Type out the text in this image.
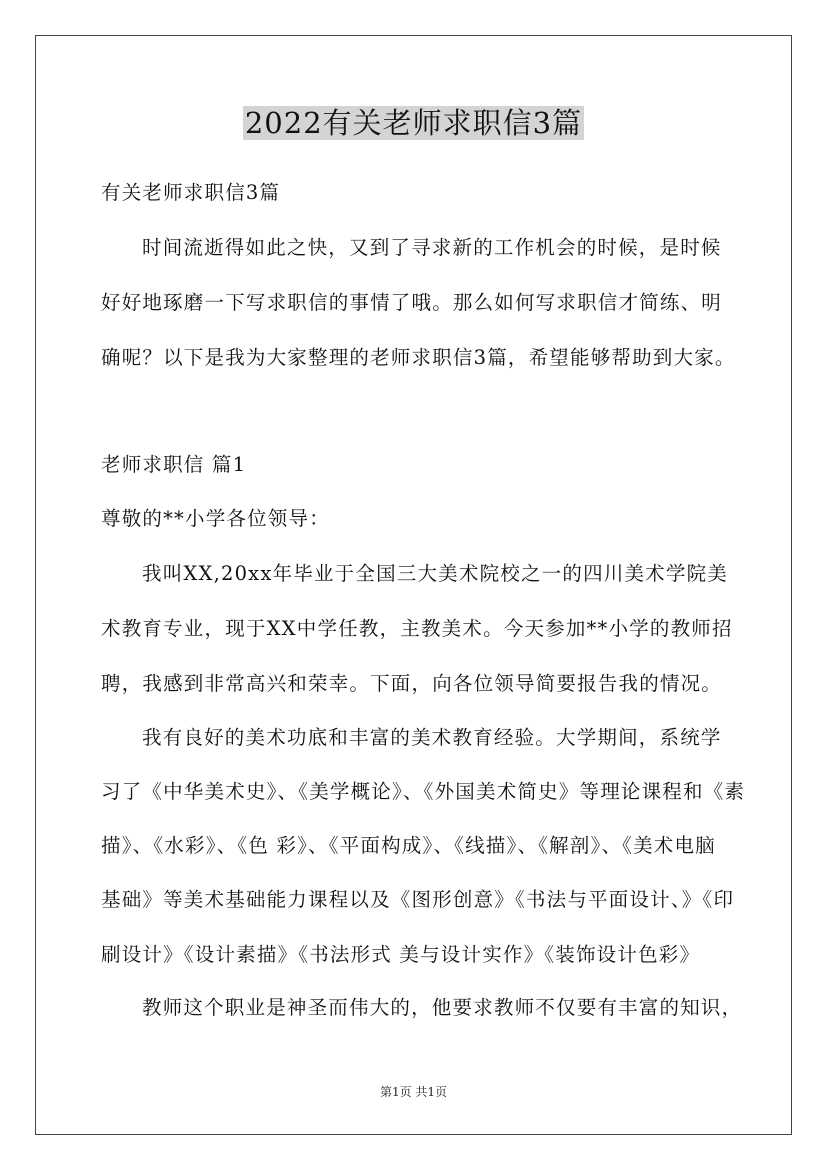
2022有关老师求职信3篇

有关老师求职信3篇

时间流逝得如此之快，又到了寻求新的工作机会的时候，是时候

好好地琢磨一下写求职信的事情了哦。那么如何写求职信才简练、明

确呢？以下是我为大家整理的老师求职信3篇，希望能够帮助到大家。

老师求职信 篇1

尊敬的**小学各位领导：

我叫XX,20xx年毕业于全国三大美术院校之一的四川美术学院美

术教育专业，现于XX中学任教，主教美术。今天参加**小学的教师招

聘，我感到非常高兴和荣幸。下面，向各位领导简要报告我的情况。

我有良好的美术功底和丰富的美术教育经验。大学期间，系统学

习了《中华美术史》、《美学概论》、《外国美术简史》等理论课程和《素

描》、《水彩》、《色 彩》、《平面构成》、《线描》、《解剖》、《美术电脑

基础》等美术基础能力课程以及《图形创意》《书法与平面设计、》《印

刷设计》《设计素描》《书法形式 美与设计实作》《装饰设计色彩》

教师这个职业是神圣而伟大的，他要求教师不仅要有丰富的知识，

第1页 共1页
